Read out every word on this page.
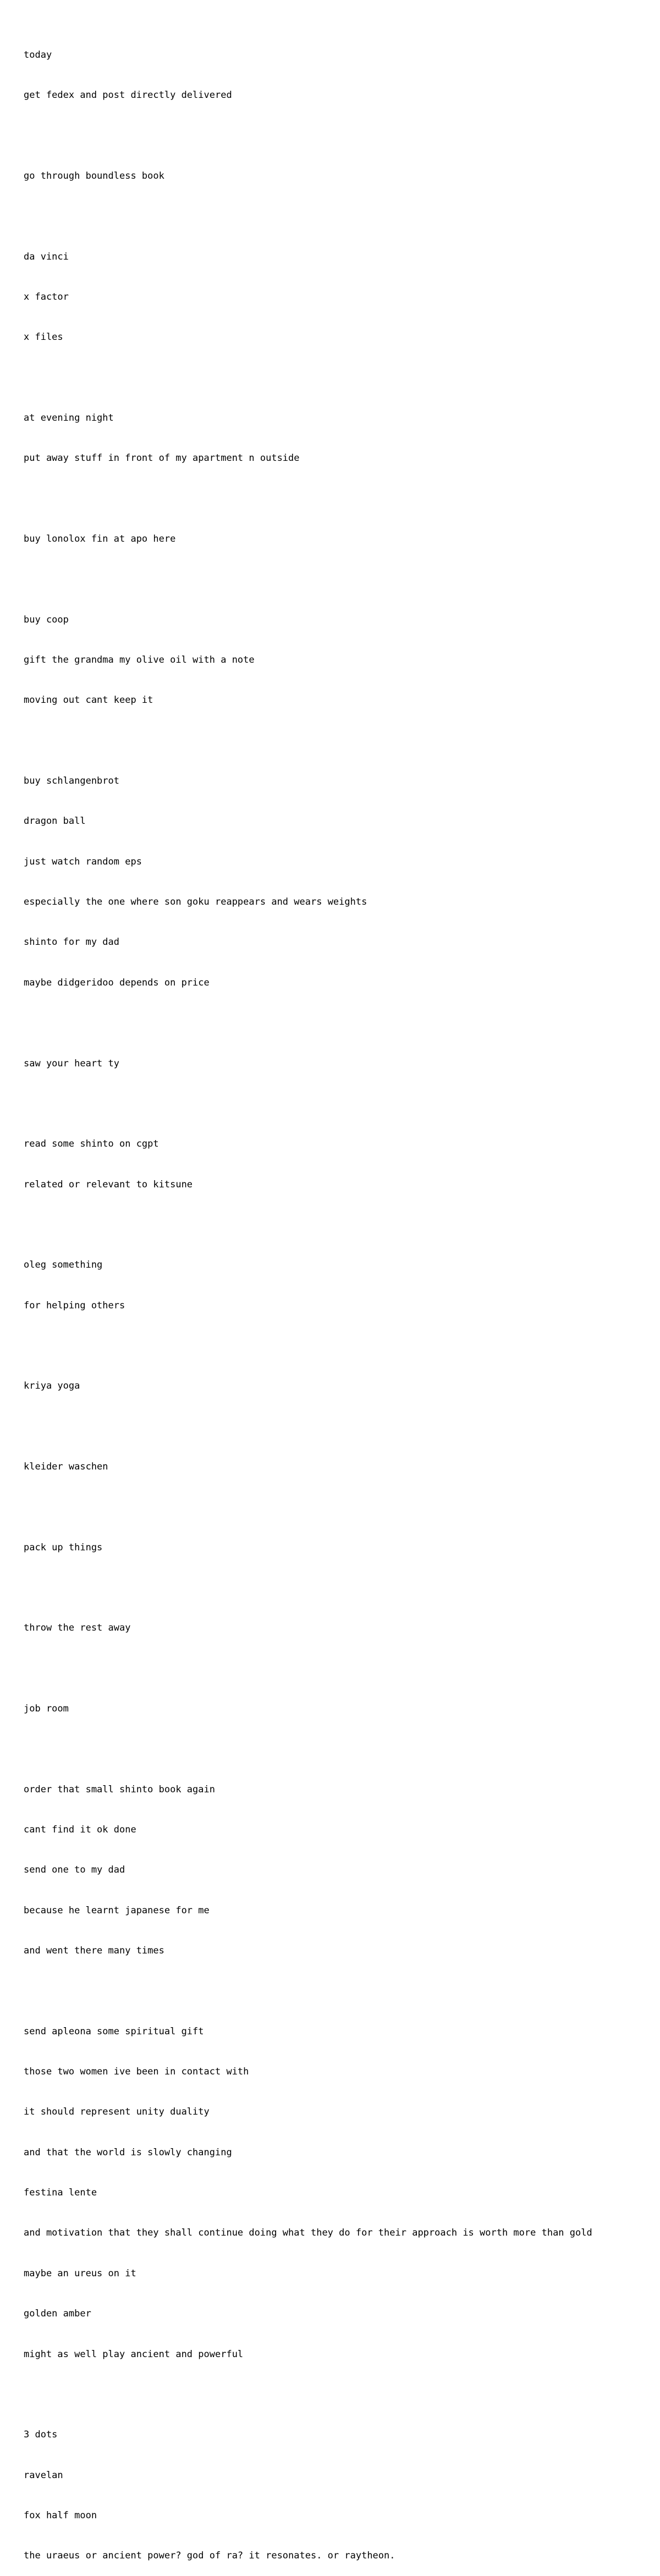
today

get fedex and post directly delivered

go through boundless book

da vinci

x factor

x files

at evening night

put away stuff in front of my apartment n outside

buy lonolox fin at apo here

buy coop

gift the grandma my olive oil with a note

moving out cant keep it

buy schlangenbrot

dragon ball

just watch random eps

especially the one where son goku reappears and wears weights

shinto for my dad

maybe didgeridoo depends on price

saw your heart ty

read some shinto on cgpt

related or relevant to kitsune

oleg something

for helping others

kriya yoga

kleider waschen

pack up things

throw the rest away

job room

order that small shinto book again

cant find it ok done

send one to my dad

because he learnt japanese for me

and went there many times

send apleona some spiritual gift

those two women ive been in contact with

it should represent unity duality

and that the world is slowly changing

festina lente

and motivation that they shall continue doing what they do for their approach is worth more than gold

maybe an ureus on it

golden amber

might as well play ancient and powerful

3 dots

ravelan

fox half moon

the uraeus or ancient power? god of ra? it resonates. or raytheon.
